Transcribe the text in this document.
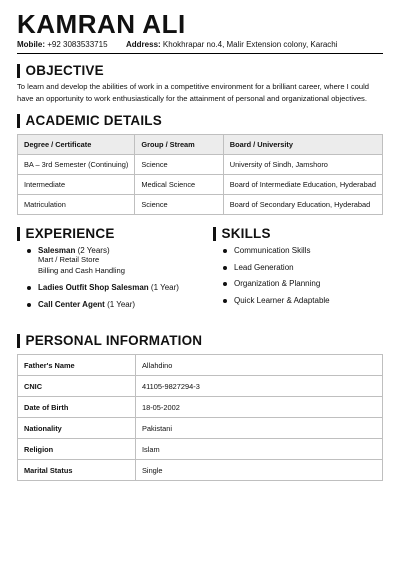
KAMRAN ALI
Mobile: +92 3083533715 Address: Khokhrapar no.4, Malir Extension colony, Karachi
OBJECTIVE
To learn and develop the abilities of work in a competitive environment for a brilliant career, where I could have an opportunity to work enthusiastically for the attainment of personal and organizational objectives.
ACADEMIC DETAILS
Degree / Certificate	Group / Stream	Board / University
BA – 3rd Semester (Continuing)	Science	University of Sindh, Jamshoro
Intermediate	Medical Science	Board of Intermediate Education, Hyderabad
Matriculation	Science	Board of Secondary Education, Hyderabad
EXPERIENCE
Salesman (2 Years)
Mart / Retail Store
Billing and Cash Handling
Ladies Outfit Shop Salesman (1 Year)
Call Center Agent (1 Year)
SKILLS
Communication Skills
Lead Generation
Organization & Planning
Quick Learner & Adaptable
PERSONAL INFORMATION
Father's Name	Allahdino
CNIC	41105-9827294-3
Date of Birth	18-05-2002
Nationality	Pakistani
Religion	Islam
Marital Status	Single
